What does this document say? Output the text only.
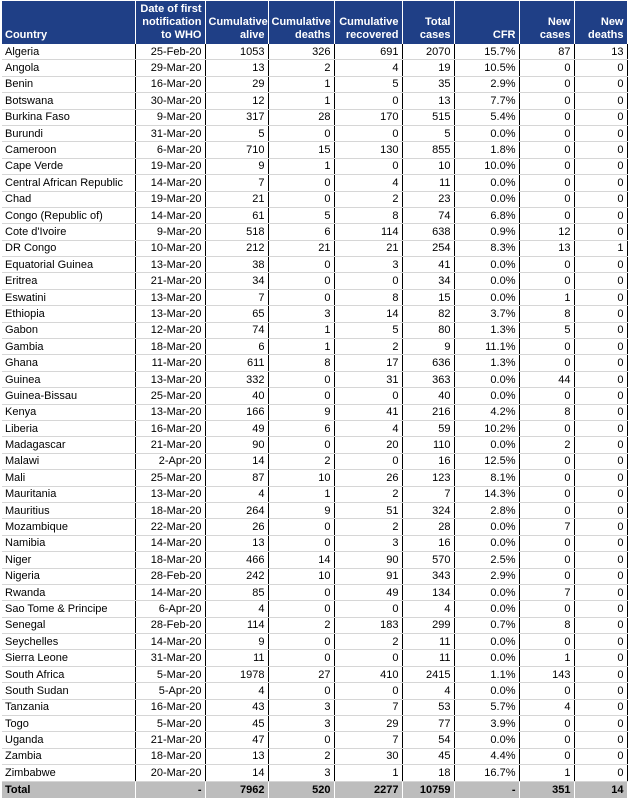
Country	Date of first notification to WHO	Cumulative alive	Cumulative deaths	Cumulative recovered	Total cases	CFR	New cases	New deaths
Algeria	25-Feb-20	1053	326	691	2070	15.7%	87	13
Angola	29-Mar-20	13	2	4	19	10.5%	0	0
Benin	16-Mar-20	29	1	5	35	2.9%	0	0
Botswana	30-Mar-20	12	1	0	13	7.7%	0	0
Burkina Faso	9-Mar-20	317	28	170	515	5.4%	0	0
Burundi	31-Mar-20	5	0	0	5	0.0%	0	0
Cameroon	6-Mar-20	710	15	130	855	1.8%	0	0
Cape Verde	19-Mar-20	9	1	0	10	10.0%	0	0
Central African Republic	14-Mar-20	7	0	4	11	0.0%	0	0
Chad	19-Mar-20	21	0	2	23	0.0%	0	0
Congo (Republic of)	14-Mar-20	61	5	8	74	6.8%	0	0
Cote d'Ivoire	9-Mar-20	518	6	114	638	0.9%	12	0
DR Congo	10-Mar-20	212	21	21	254	8.3%	13	1
Equatorial Guinea	13-Mar-20	38	0	3	41	0.0%	0	0
Eritrea	21-Mar-20	34	0	0	34	0.0%	0	0
Eswatini	13-Mar-20	7	0	8	15	0.0%	1	0
Ethiopia	13-Mar-20	65	3	14	82	3.7%	8	0
Gabon	12-Mar-20	74	1	5	80	1.3%	5	0
Gambia	18-Mar-20	6	1	2	9	11.1%	0	0
Ghana	11-Mar-20	611	8	17	636	1.3%	0	0
Guinea	13-Mar-20	332	0	31	363	0.0%	44	0
Guinea-Bissau	25-Mar-20	40	0	0	40	0.0%	0	0
Kenya	13-Mar-20	166	9	41	216	4.2%	8	0
Liberia	16-Mar-20	49	6	4	59	10.2%	0	0
Madagascar	21-Mar-20	90	0	20	110	0.0%	2	0
Malawi	2-Apr-20	14	2	0	16	12.5%	0	0
Mali	25-Mar-20	87	10	26	123	8.1%	0	0
Mauritania	13-Mar-20	4	1	2	7	14.3%	0	0
Mauritius	18-Mar-20	264	9	51	324	2.8%	0	0
Mozambique	22-Mar-20	26	0	2	28	0.0%	7	0
Namibia	14-Mar-20	13	0	3	16	0.0%	0	0
Niger	18-Mar-20	466	14	90	570	2.5%	0	0
Nigeria	28-Feb-20	242	10	91	343	2.9%	0	0
Rwanda	14-Mar-20	85	0	49	134	0.0%	7	0
Sao Tome & Principe	6-Apr-20	4	0	0	4	0.0%	0	0
Senegal	28-Feb-20	114	2	183	299	0.7%	8	0
Seychelles	14-Mar-20	9	0	2	11	0.0%	0	0
Sierra Leone	31-Mar-20	11	0	0	11	0.0%	1	0
South Africa	5-Mar-20	1978	27	410	2415	1.1%	143	0
South Sudan	5-Apr-20	4	0	0	4	0.0%	0	0
Tanzania	16-Mar-20	43	3	7	53	5.7%	4	0
Togo	5-Mar-20	45	3	29	77	3.9%	0	0
Uganda	21-Mar-20	47	0	7	54	0.0%	0	0
Zambia	18-Mar-20	13	2	30	45	4.4%	0	0
Zimbabwe	20-Mar-20	14	3	1	18	16.7%	1	0
Total	-	7962	520	2277	10759	-	351	14
